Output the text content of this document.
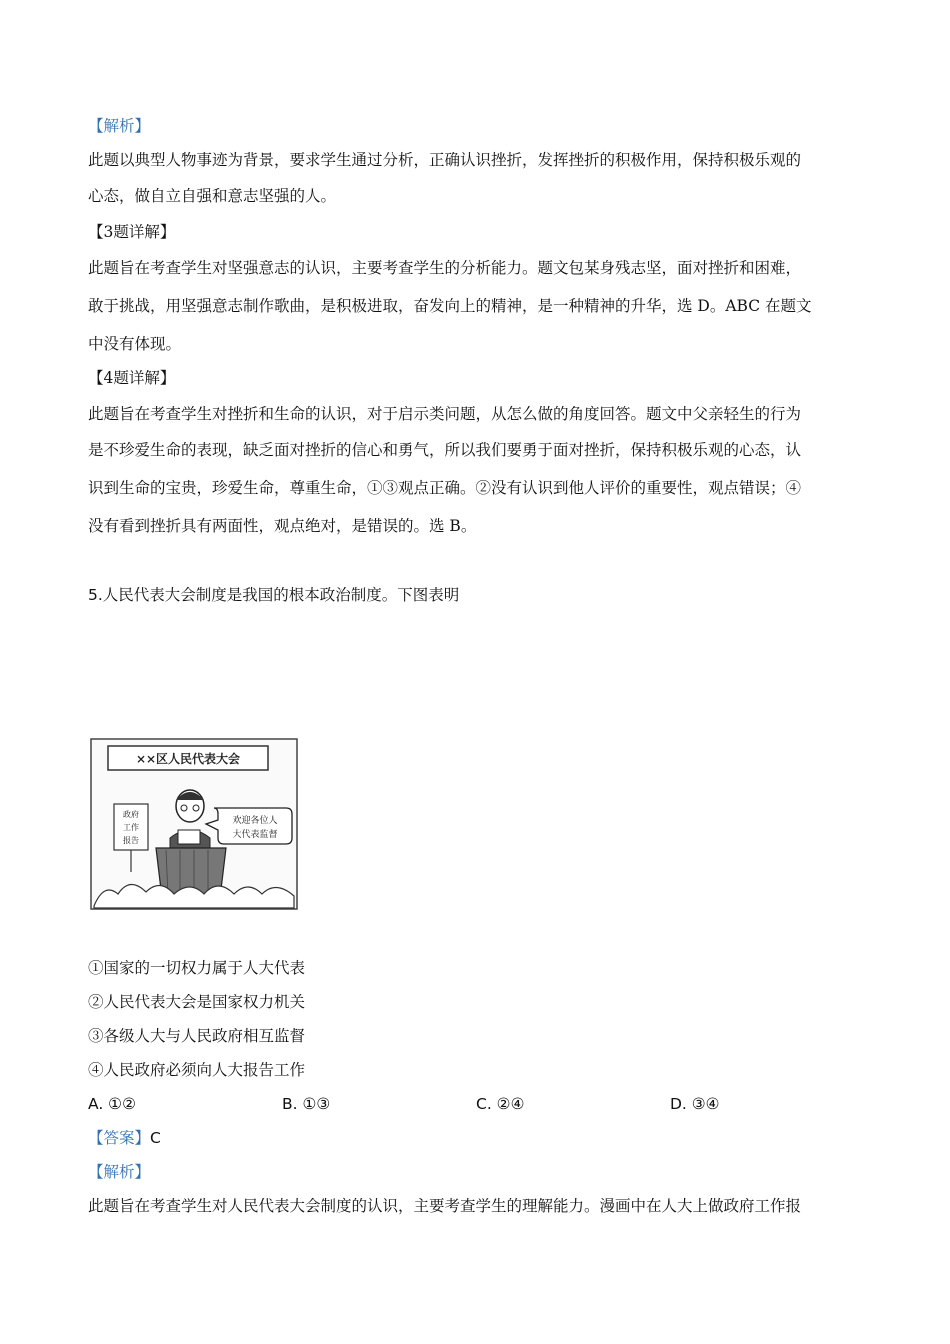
【解析】
此题以典型人物事迹为背景，要求学生通过分析，正确认识挫折，发挥挫折的积极作用，保持积极乐观的
心态，做自立自强和意志坚强的人。
【3题详解】
此题旨在考查学生对坚强意志的认识，主要考查学生的分析能力。题文包某身残志坚，面对挫折和困难，
敢于挑战，用坚强意志制作歌曲，是积极进取，奋发向上的精神，是一种精神的升华，选 D。ABC 在题文
中没有体现。
【4题详解】
此题旨在考查学生对挫折和生命的认识，对于启示类问题，从怎么做的角度回答。题文中父亲轻生的行为
是不珍爱生命的表现，缺乏面对挫折的信心和勇气，所以我们要勇于面对挫折，保持积极乐观的心态，认
识到生命的宝贵，珍爱生命，尊重生命，①③观点正确。②没有认识到他人评价的重要性，观点错误；④
没有看到挫折具有两面性，观点绝对，是错误的。选 B。
5.人民代表大会制度是我国的根本政治制度。下图表明
××区人民代表大会
政府
工作
报告
欢迎各位人
大代表监督
①国家的一切权力属于人大代表
②人民代表大会是国家权力机关
③各级人大与人民政府相互监督
④人民政府必须向人大报告工作
A. ①②	B. ①③	C. ②④	D. ③④
【答案】C
【解析】
此题旨在考查学生对人民代表大会制度的认识，主要考查学生的理解能力。漫画中在人大上做政府工作报
